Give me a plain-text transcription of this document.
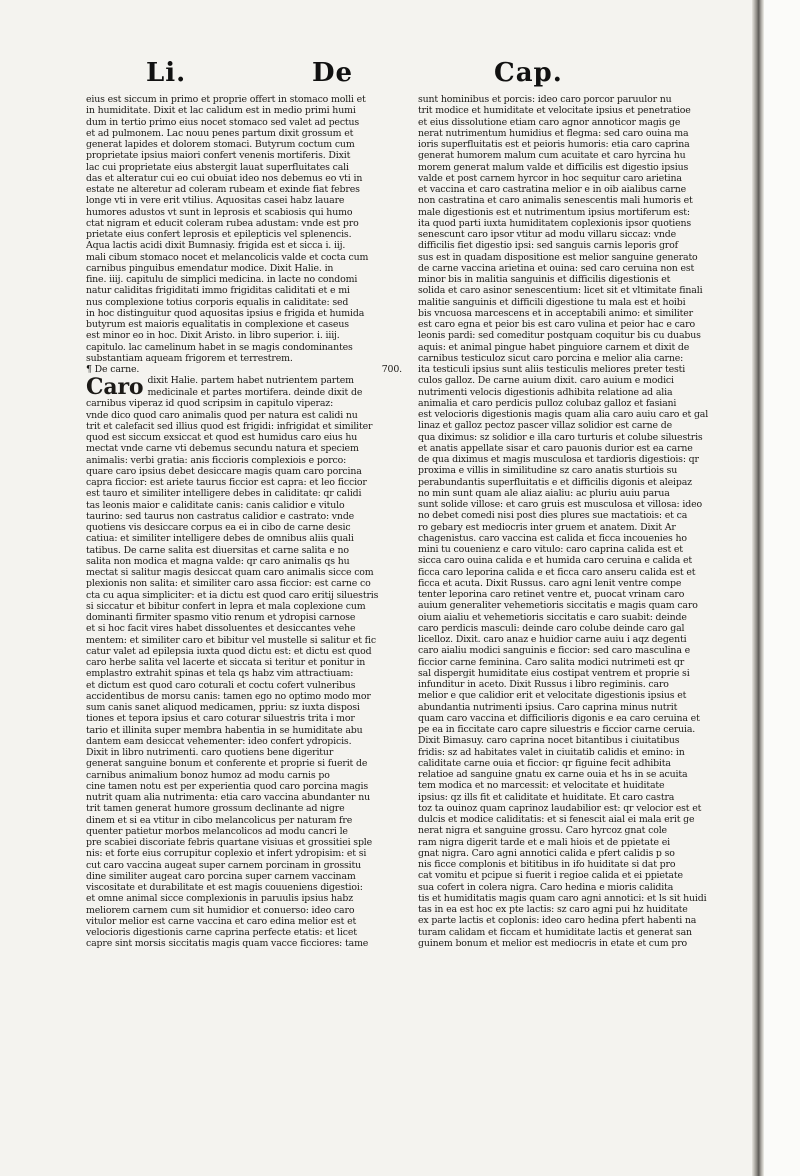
Li.	De	Cap.
eius est siccum in primo et proprie offert in stomaco molli et
in humiditate. Dixit et lac calidum est in medio primi humi
dum in tertio primo eius nocet stomaco sed valet ad pectus
et ad pulmonem. Lac nouu penes partum dixit grossum et
generat lapides et dolorem stomaci. Butyrum coctum cum
proprietate ipsius maiori confert venenis mortiferis. Dixit
lac cui proprietate eius abstergit lauat superfluitates cali
das et alteratur cui eo cui obuiat ideo nos debemus eo vti in
estate ne alteretur ad coleram rubeam et exinde fiat febres
longe vti in vere erit vtilius. Aquositas casei habz lauare
humores adustos vt sunt in leprosis et scabiosis qui humo
ctat nigram et educit coleram rubea adustam: vnde est pro
prietate eius confert leprosis et epilepticis vel splenencis.
Aqua lactis acidi dixit Bumnasiy. frigida est et sicca i. iij.
mali cibum stomaco nocet et melancolicis valde et cocta cum
carnibus pinguibus emendatur modice. Dixit Halie. in
fine. iiij. capitulu de simplici medicina. in lacte no condomi
natur caliditas frigiditati immo frigiditas caliditati et e mi
nus complexione totius corporis equalis in caliditate: sed
in hoc distinguitur quod aquositas ipsius e frigida et humida
butyrum est maioris equalitatis in complexione et caseus
est minor eo in hoc. Dixit Aristo. in libro superior. i. iiij.
capitulo. lac camelinum habet in se magis condominantes
substantiam aqueam frigorem et terrestrem.
¶ De carne.	700.
Caro dixit Halie. partem habet nutrientem partem
medicinale et partes mortifera. deinde dixit de
carnibus viperaz id quod scripsim in capitulo viperaz:
vnde dico quod caro animalis quod per natura est calidi nu
trit et calefacit sed illius quod est frigidi: infrigidat et similiter
quod est siccum exsiccat et quod est humidus caro eius hu
mectat vnde carne vti debemus secundu natura et speciem
animalis: verbi gratia: anis ficcioris complexiois e porco:
quare caro ipsius debet desiccare magis quam caro porcina
capra ficcior: est ariete taurus ficcior est capra: et leo ficcior
est tauro et similiter intelligere debes in caliditate: qr calidi
tas leonis maior e caliditate canis: canis calidior e vitulo
taurino: sed taurus non castratus calidior e castrato: vnde
quotiens vis desiccare corpus ea ei in cibo de carne desic
catiua: et similiter intelligere debes de omnibus aliis quali
tatibus. De carne salita est diuersitas et carne salita e no
salita non modica et magna valde: qr caro animalis qs hu
mectat si salitur magis desiccat quam caro animalis sicce com
plexionis non salita: et similiter caro assa ficcior: est carne co
cta cu aqua simpliciter: et ia dictu est quod caro eritij siluestris
si siccatur et bibitur confert in lepra et mala coplexione cum
dominanti firmiter spasmo vitio renum et ydropisi carnose
et si hoc facit vires habet dissoluentes et desiccantes vehe
mentem: et similiter caro et bibitur vel mustelle si salitur et fic
catur valet ad epilepsia iuxta quod dictu est: et dictu est quod
caro herbe salita vel lacerte et siccata si teritur et ponitur in
emplastro extrahit spinas et tela qs habz vim attractiuam:
et dictum est quod caro coturali et coctu cofert vulneribus
accidentibus de morsu canis: tamen ego no optimo modo mor
sum canis sanet aliquod medicamen, ppriu: sz iuxta disposi
tiones et tepora ipsius et caro coturar siluestris trita i mor
tario et illinita super membra habentia in se humiditate abu
dantem eam desiccat vehementer: ideo confert ydropicis.
Dixit in libro nutrimenti. caro quotiens bene digeritur
generat sanguine bonum et conferente et proprie si fuerit de
carnibus animalium bonoz humoz ad modu carnis po
cine tamen notu est per experientia quod caro porcina magis
nutrit quam alia nutrimenta: etia caro vaccina abundanter nu
trit tamen generat humore grossum declinante ad nigre
dinem et si ea vtitur in cibo melancolicus per naturam fre
quenter patietur morbos melancolicos ad modu cancri le
pre scabiei discoriate febris quartane visiuas et grossitiei sple
nis: et forte eius corrupitur coplexio et infert ydropisim: et si
cut caro vaccina augeat super carnem porcinam in grossitu
dine similiter augeat caro porcina super carnem vaccinam
viscositate et durabilitate et est magis couueniens digestioi:
et omne animal sicce complexionis in paruulis ipsius habz
meliorem carnem cum sit humidior et conuerso: ideo caro
vitulor melior est carne vaccina et caro edina melior est et
velocioris digestionis carne caprina perfecte etatis: et licet
capre sint morsis siccitatis magis quam vacce ficciores: tame
sunt hominibus et porcis: ideo caro porcor paruulor nu
trit modice et humiditate et velocitate ipsius et penetratioe
et eius dissolutione etiam caro agnor annoticor magis ge
nerat nutrimentum humidius et flegma: sed caro ouina ma
ioris superfluitatis est et peioris humoris: etia caro caprina
generat humorem malum cum acuitate et caro hyrcina hu
morem generat malum valde et difficilis est digestio ipsius
valde et post carnem hyrcor in hoc sequitur caro arietina
et vaccina et caro castratina melior e in oib aialibus carne
non castratina et caro animalis senescentis mali humoris et
male digestionis est et nutrimentum ipsius mortiferum est:
ita quod parti iuxta humiditatem coplexionis ipsor quotiens
senescunt caro ipsor vtitur ad modu villaru siccaz: vnde
difficilis fiet digestio ipsi: sed sanguis carnis leporis grof
sus est in quadam dispositione est melior sanguine generato
de carne vaccina arietina et ouina: sed caro ceruina non est
minor bis in malitia sanguinis et difficilis digestionis et
solida et caro asinor senescentium: licet sit et vltimitate finali
malitie sanguinis et difficili digestione tu mala est et hoibi
bis vncuosa marcescens et in acceptabili animo: et similiter
est caro egna et peior bis est caro vulina et peior hac e caro
leonis pardi: sed comeditur postquam coquitur bis cu duabus
aquis: et animal pingue habet pinguiore carnem et dixit de
carnibus testiculoz sicut caro porcina e melior alia carne:
ita testiculi ipsius sunt aliis testiculis meliores preter testi
culos galloz. De carne auium dixit. caro auium e modici
nutrimenti velocis digestionis adhibita relatione ad alia
animalia et caro perdicis pulloz colubaz galloz et fasiani
est velocioris digestionis magis quam alia caro auiu caro et gal
linaz et galloz pectoz pascer villaz solidior est carne de
qua diximus: sz solidior e illa caro turturis et colube siluestris
et anatis appellate sisar et caro pauonis durior est ea carne
de qua diximus et magis musculosa et tardioris digestiois: qr
proxima e villis in similitudine sz caro anatis sturtiois su
perabundantis superfluitatis e et difficilis digonis et aleipaz
no min sunt quam ale aliaz aialiu: ac pluriu auiu parua
sunt solide villose: et caro gruis est musculosa et villosa: ideo
no debet comedi nisi post dies plures sue mactatiois: et ca
ro gebary est mediocris inter gruem et anatem. Dixit Ar
chagenistus. caro vaccina est calida et ficca incouenies ho
mini tu couenienz e caro vitulo: caro caprina calida est et
sicca caro ouina calida e et humida caro ceruina e calida et
ficca caro leporina calida e et ficca caro anseru calida est et
ficca et acuta. Dixit Russus. caro agni lenit ventre compe
tenter leporina caro retinet ventre et, puocat vrinam caro
auium generaliter vehemetioris siccitatis e magis quam caro
oium aialiu et vehemetioris siccitatis e caro suabit: deinde
caro perdicis masculi: deinde caro colube deinde caro gal
licelloz. Dixit. caro anaz e huidior carne auiu i aqz degenti
caro aialiu modici sanguinis e ficcior: sed caro masculina e
ficcior carne feminina. Caro salita modici nutrimeti est qr
sal dispergit humiditate eius costipat ventrem et proprie si
infunditur in aceto. Dixit Russus i libro regiminis. caro
melior e que calidior erit et velocitate digestionis ipsius et
abundantia nutrimenti ipsius. Caro caprina minus nutrit
quam caro vaccina et difficilioris digonis e ea caro ceruina et
pe ea in ficcitate caro capre siluestris e ficcior carne ceruia.
Dixit Bimasuy. caro caprina nocet bitantibus i ciuitatibus
fridis: sz ad habitates valet in ciuitatib calidis et emino: in
caliditate carne ouia et ficcior: qr figuine fecit adhibita
relatioe ad sanguine gnatu ex carne ouia et hs in se acuita
tem modica et no marcessit: et velocitate et huiditate
ipsius: qz ills fit et caliditate et huiditate. Et caro castra
toz ta ouinoz quam caprinoz laudabilior est: qr velocior est et
dulcis et modice caliditatis: et si fenescit aial ei mala erit ge
nerat nigra et sanguine grossu. Caro hyrcoz gnat cole
ram nigra digerit tarde et e mali hiois et de ppietate ei
gnat nigra. Caro agni annotici calida e pfert calidis p so
nis ficce complonis et bititibus in ifo huiditate si dat pro
cat vomitu et pcipue si fuerit i regioe calida et ei ppietate
sua cofert in colera nigra. Caro hedina e mioris calidita
tis et humiditatis magis quam caro agni annotici: et ls sit huidi
tas in ea est hoc ex pte lactis: sz caro agni pui hz huiditate
ex parte lactis et coplonis: ideo caro hedina pfert habenti na
turam calidam et ficcam et humiditate lactis et generat san
guinem bonum et melior est mediocris in etate et cum pro
